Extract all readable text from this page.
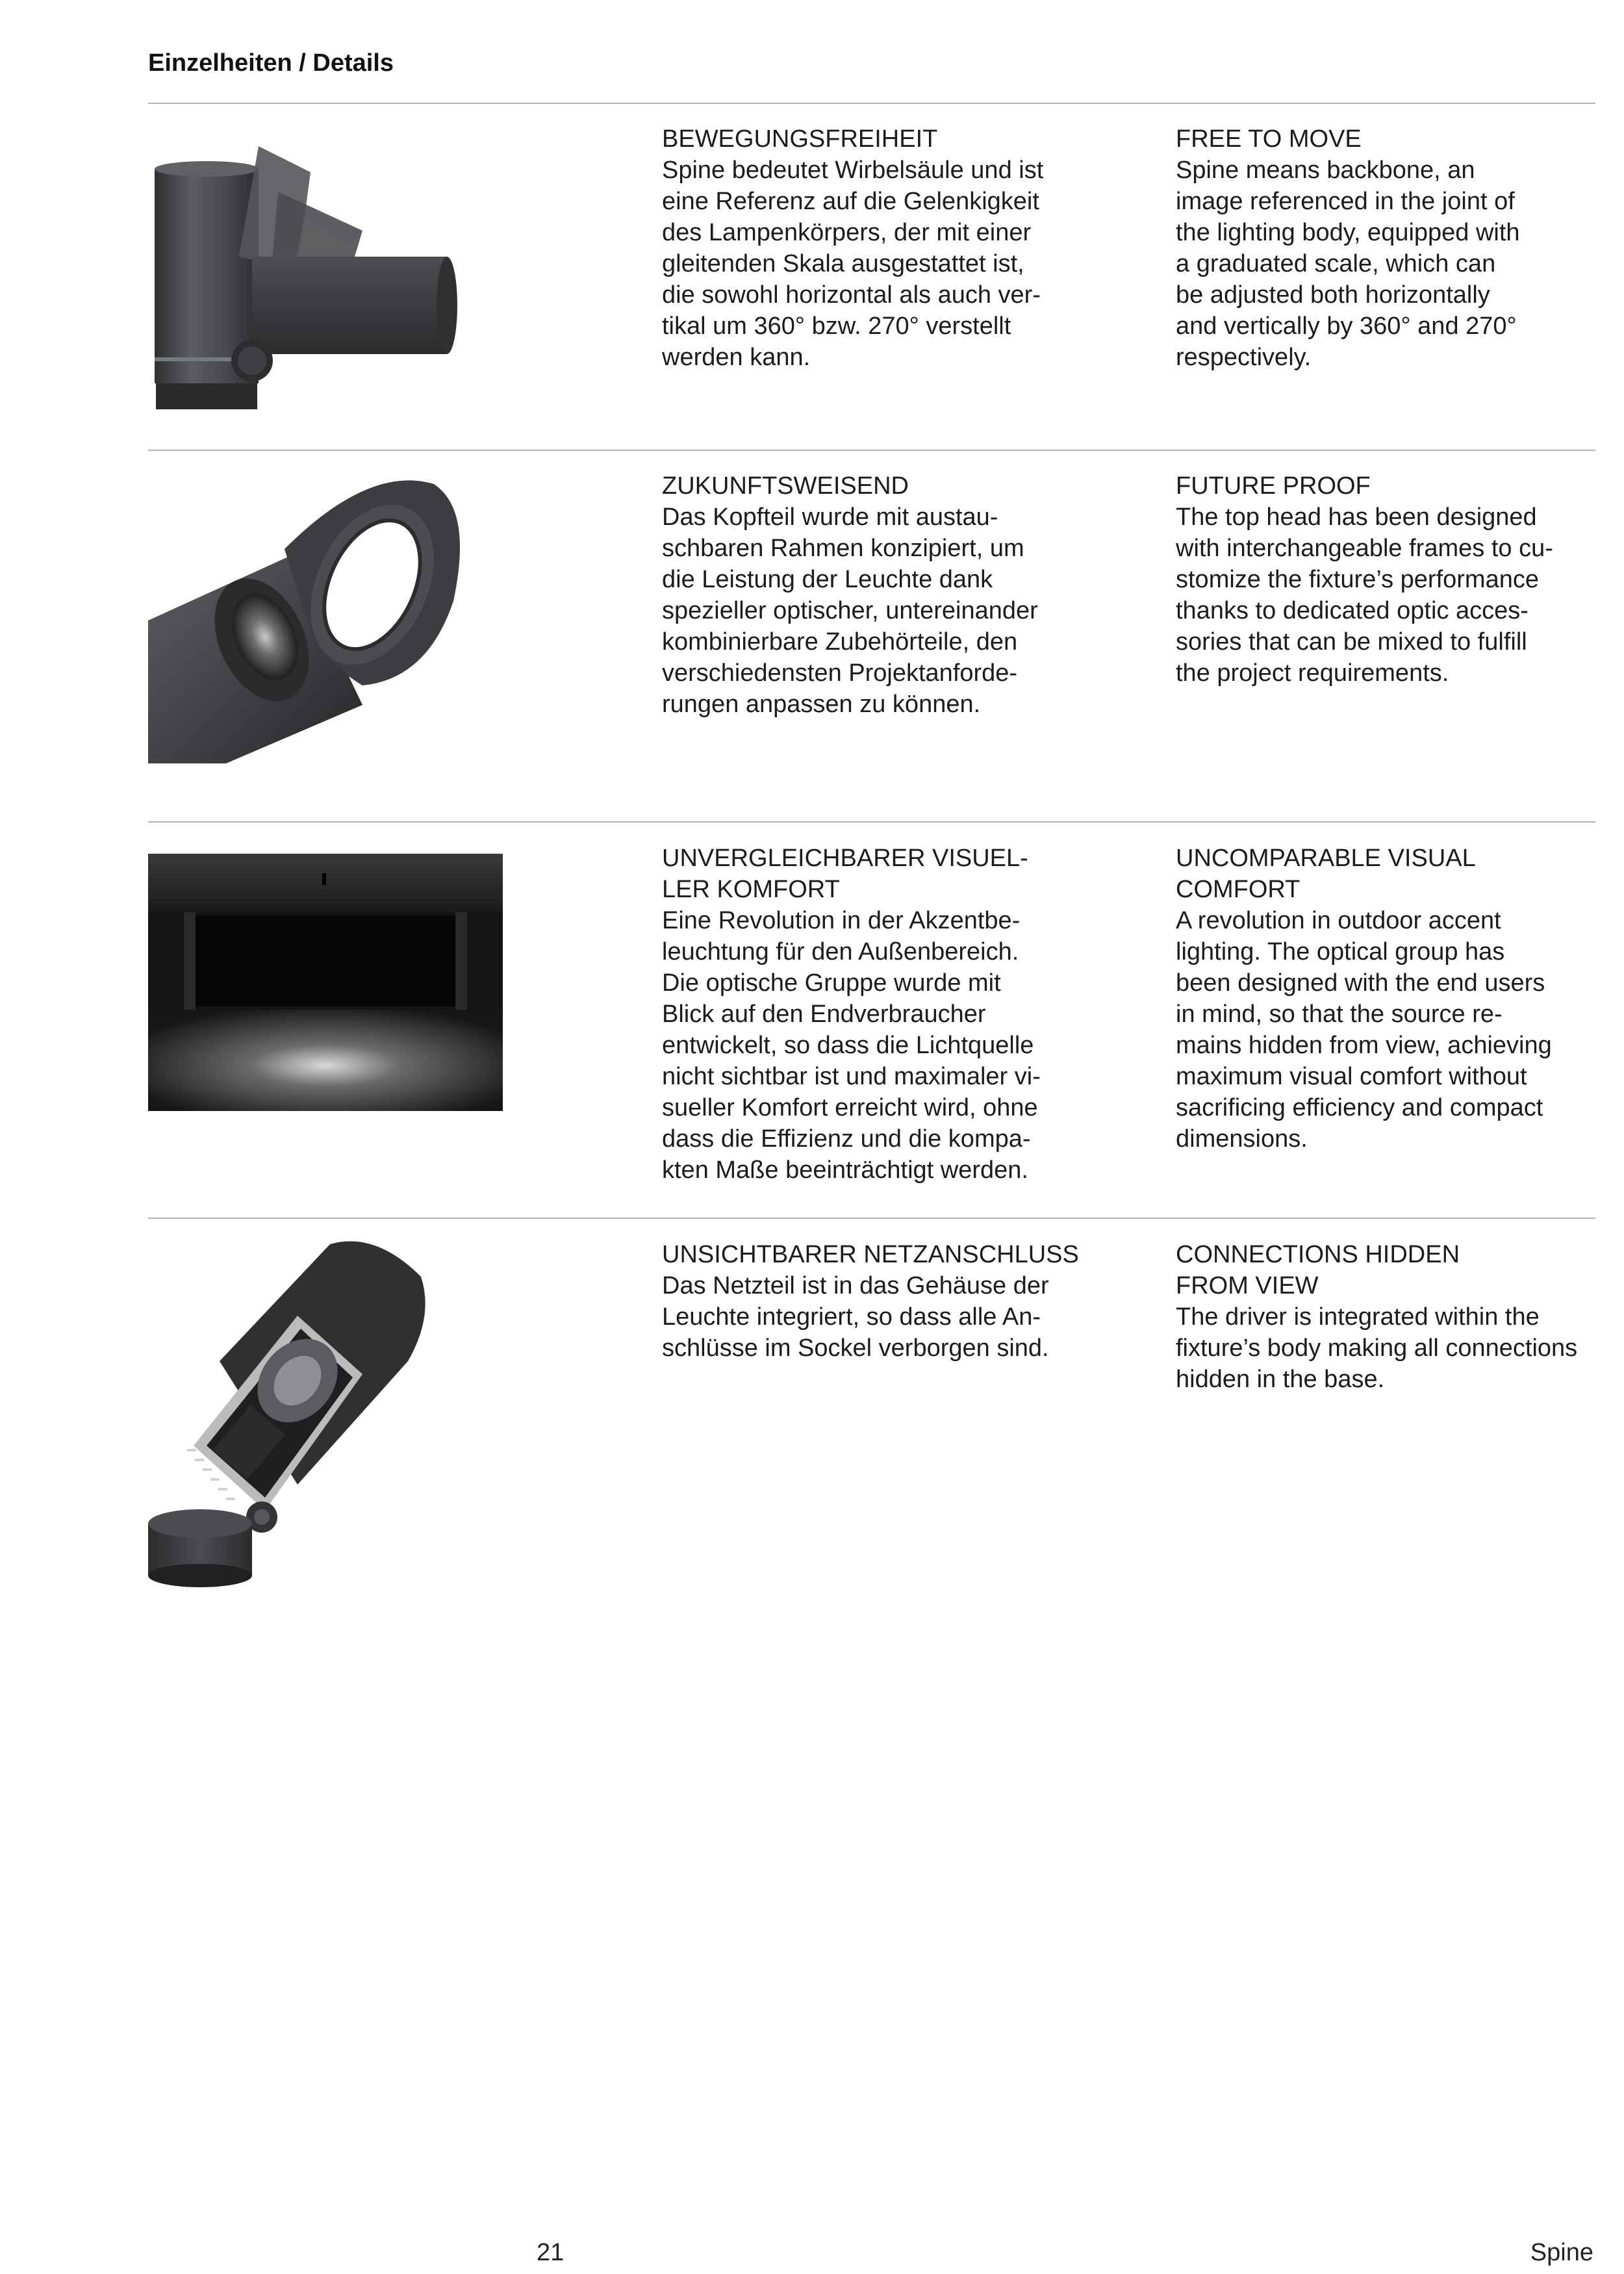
Einzelheiten / Details

BEWEGUNGSFREIHEIT

Spine bedeutet Wirbelsäule und ist
eine Referenz auf die Gelenkigkeit
des Lampenkörpers, der mit einer
gleitenden Skala ausgestattet ist,
die sowohl horizontal als auch ver-
tikal um 360° bzw. 270° verstellt
werden kann.

FREE TO MOVE

Spine means backbone, an
image referenced in the joint of
the lighting body, equipped with
a graduated scale, which can
be adjusted both horizontally
and vertically by 360° and 270°
respectively.

ZUKUNFTSWEISEND

Das Kopfteil wurde mit austau-
schbaren Rahmen konzipiert, um
die Leistung der Leuchte dank
spezieller optischer, untereinander
kombinierbare Zubehörteile, den
verschiedensten Projektanforde-
rungen anpassen zu können.

FUTURE PROOF

The top head has been designed
with interchangeable frames to cu-
stomize the fixture’s performance
thanks to dedicated optic acces-
sories that can be mixed to fulfill
the project requirements.

UNVERGLEICHBARER VISUEL-
LER KOMFORT

Eine Revolution in der Akzentbe-
leuchtung für den Außenbereich.
Die optische Gruppe wurde mit
Blick auf den Endverbraucher
entwickelt, so dass die Lichtquelle
nicht sichtbar ist und maximaler vi-
sueller Komfort erreicht wird, ohne
dass die Effizienz und die kompa-
kten Maße beeinträchtigt werden.

UNCOMPARABLE VISUAL
COMFORT

A revolution in outdoor accent
lighting. The optical group has
been designed with the end users
in mind, so that the source re-
mains hidden from view, achieving
maximum visual comfort without
sacrificing efficiency and compact
dimensions.

UNSICHTBARER NETZANSCHLUSS

Das Netzteil ist in das Gehäuse der
Leuchte integriert, so dass alle An-
schlüsse im Sockel verborgen sind.

CONNECTIONS HIDDEN
FROM VIEW

The driver is integrated within the
fixture’s body making all connections
hidden in the base.

21	Spine
